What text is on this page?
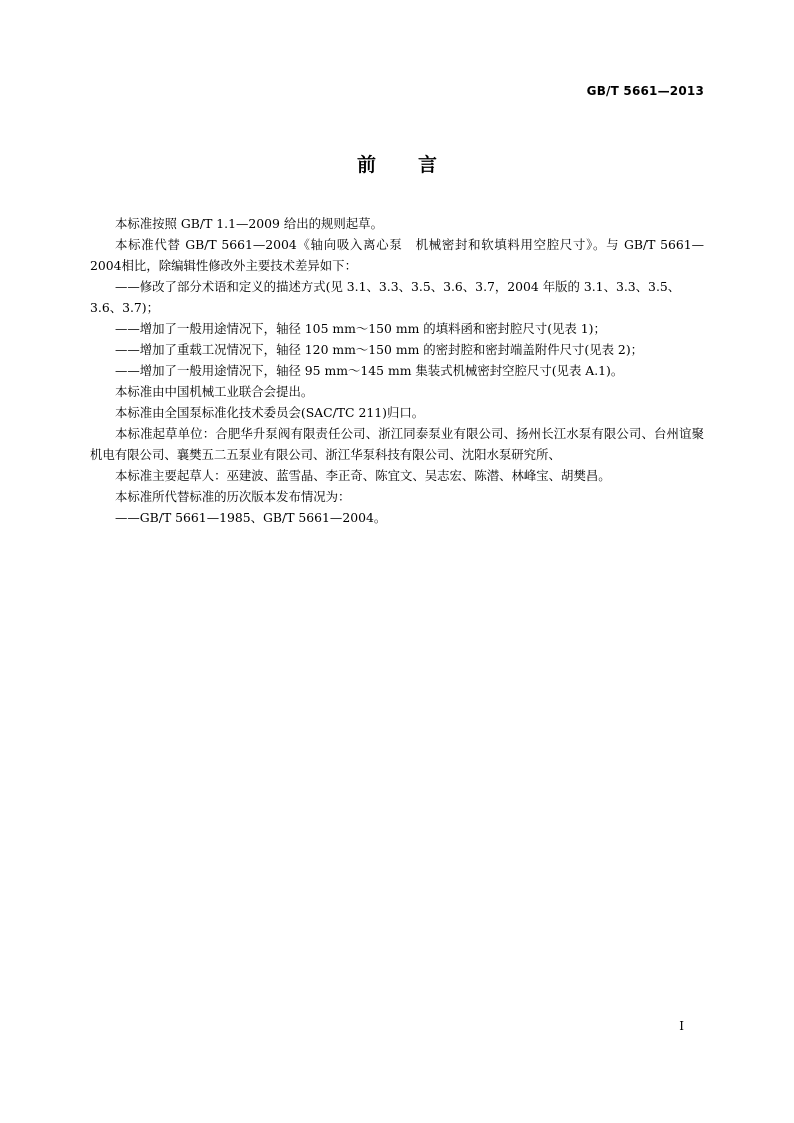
GB/T 5661—2013
前言

本标准按照 GB/T 1.1—2009 给出的规则起草。

本标准代替 GB/T 5661—2004《轴向吸入离心泵　机械密封和软填料用空腔尺寸》。与 GB/T 5661—2004相比，除编辑性修改外主要技术差异如下：

——修改了部分术语和定义的描述方式(见 3.1、3.3、3.5、3.6、3.7，2004 年版的 3.1、3.3、3.5、3.6、3.7)；

——增加了一般用途情况下，轴径 105 mm～150 mm 的填料函和密封腔尺寸(见表 1)；

——增加了重载工况情况下，轴径 120 mm～150 mm 的密封腔和密封端盖附件尺寸(见表 2)；

——增加了一般用途情况下，轴径 95 mm～145 mm 集装式机械密封空腔尺寸(见表 A.1)。

本标准由中国机械工业联合会提出。

本标准由全国泵标准化技术委员会(SAC/TC 211)归口。

本标准起草单位：合肥华升泵阀有限责任公司、浙江同泰泵业有限公司、扬州长江水泵有限公司、台州谊聚机电有限公司、襄樊五二五泵业有限公司、浙江华泵科技有限公司、沈阳水泵研究所、

本标准主要起草人：巫建波、蓝雪晶、李正奇、陈宜文、吴志宏、陈潜、林峰宝、胡樊昌。

本标准所代替标准的历次版本发布情况为：

——GB/T 5661—1985、GB/T 5661—2004。

I
